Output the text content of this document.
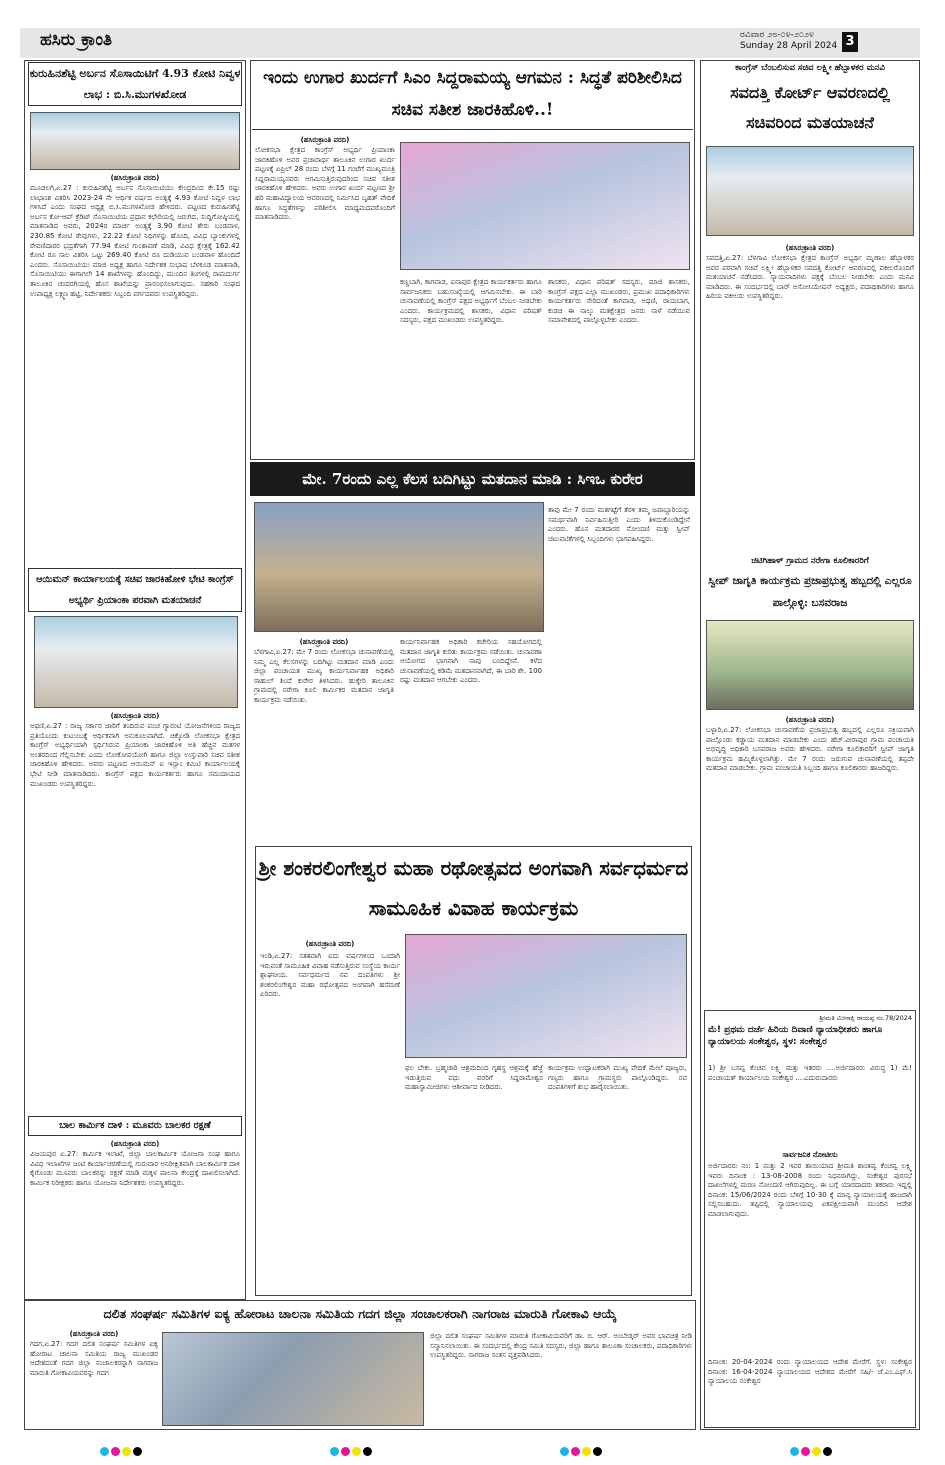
ಹಸಿರು ಕ್ರಾಂತಿ	ರವಿವಾರ ೨೮-೦೪-೨೦೨೪
Sunday 28 April 2024 3
ಕುರುಹಿನಶೆಟ್ಟಿ ಅರ್ಬನ ಸೊಸಾಯಿಟಿಗೆ 4.93 ಕೋಟಿ ನಿವ್ವಳ ಲಾಭ : ಬಿ.ಸಿ.ಮುಗಳಖೋಡ
(ಹಸಿರುಕ್ರಾಂತಿ ವರದಿ)
ಮೂಡಲಗಿ,ಏ.27 : ಕುರುಹಿನಶೆಟ್ಟಿ ಅರ್ಬನ ಸೊಸಾಯಿಟಿಯು ಕೇಂದ್ರದಿಂದ ಕೇ.15 ರಷ್ಟು ಲಾಭಾಂಶ ವಿತರಿಸಿ 2023-24 ನೇ ಆರ್ಥಿಕ ವರ್ಷದ ಅಂತ್ಯಕ್ಕೆ 4.93 ಕೋಟಿ ನಿವ್ವಳ ಲಾಭ ಗಳಿಸಿದೆ ಎಂದು ಸಂಘದ ಅಧ್ಯಕ್ಷ ಬಿ.ಸಿ.ಮುಗಳಖೋಡ ಹೇಳಿದರು. ಪಟ್ಟಣದ ಕುರುಹಿನಶೆಟ್ಟಿ ಅರ್ಬನ ಕೋ-ಆಪ್ ಕ್ರೆಡಿಟ್ ಸೊಸಾಯಿಟಿಯ ಪ್ರಧಾನ ಕಛೇರಿಯಲ್ಲಿ ಜರುಗಿದ, ಸುದ್ದಿಗೋಷ್ಠಿಯಲ್ಲಿ ಮಾತನಾಡಿದ ಅವರು, 2024ರ ಮಾರ್ಚ ಅಂತ್ಯಕ್ಕೆ 3.90 ಕೋಟಿ ಶೇರು ಬಂಡವಾಳ, 230.85 ಕೋಟಿ ಠೇವುಗಳು, 22.22 ಕೋಟಿ ನಿಧಿಗಳನ್ನು ಹೊಂದಿ, ವಿವಿಧ ಬ್ಯಾಂಕುಗಳಲ್ಲಿ ಠೇವಣಿದಾರರ ಭದ್ರತೆಗಾಗಿ 77.94 ಕೋಟಿ ಗುಂತಾವಣೆ ಮಾಡಿ, ವಿವಿಧ ಕ್ಷೇತ್ರಕ್ಕೆ 162.42 ಕೋಟಿ ರೂ ಸಾಲ ವಿತರಿಸಿ ಒಟ್ಟು 269.40 ಕೋಟಿ ರೂ ದುಡಿಯುವ ಬಂಡವಾಳ ಹೊಂದಿದೆ ಎಂದರು. ಸೊಸಾಯಿಟಿಯು ಮಾಜಿ ಅಧ್ಯಕ್ಷ ಹಾಗೂ ನಿರ್ದೇಶಕ ಸುಭಾಷ ಬೆಳಕೂಡ ಮಾತನಾಡಿ, ಸೊಸಾಯಿಟಿಯು ಈಗಾಗಲೇ 14 ಶಾಖೆಗಳನ್ನು ಹೊಂದಿದ್ದು, ಮುಂದಿನ ತಿಂಗಳಲ್ಲಿ ರಾಮದುರ್ಗ ತಾಲೂಕಿನ ಚಂದರಗಿಯಲ್ಲಿ ಹೊಸ ಶಾಖೆಯನ್ನು ಪ್ರಾರಂಭಿಸಲಾಗುವುದು. ಸಹಕಾರಿ ಸಂಘದ ಉಪಾಧ್ಯಕ್ಷ ಲಕ್ಷ್ಮಣ ಹಟ್ಟಿ, ನಿರ್ದೇಶಕರು ಸಿಬ್ಬಂದಿ ವರ್ಗದವರು ಉಪಸ್ಥಿತರಿದ್ದರು.
ಆಯಿಮನ್ ಕಾರ್ಯಾಲಯಕ್ಕೆ ಸಚಿವ ಜಾರಕಿಹೋಳಿ ಭೇಟಿ ಕಾಂಗ್ರೆಸ್ ಅಭ್ಯರ್ಥಿ ಪ್ರಿಯಾಂಕಾ ಪರವಾಗಿ ಮತಯಾಚನೆ
(ಹಸಿರುಕ್ರಾಂತಿ ವರದಿ)
ಅಥಣಿ,ಏ.27 : ರಾಜ್ಯ ಸರ್ಕಾರ ಜಾರಿಗೆ ತಂದಿರುವ ಪಂಚ ಗ್ಯಾರಂಟಿ ಯೋಜನೆಗಳಿಂದ ರಾಜ್ಯದ ಪ್ರತಿಯೊಂದು ಕುಟುಂಬಕ್ಕೆ ಆರ್ಥಿಕವಾಗಿ ಅನುಕೂಲವಾಗಿದೆ. ಚಿಕ್ಕೋಡಿ ಲೋಕಸಭಾ ಕ್ಷೇತ್ರದ ಕಾಂಗ್ರೆಸ್ ಅಭ್ಯರ್ಥಿಯಾಗಿ ಸ್ಪರ್ಧಿಸಿರುವ ಪ್ರಿಯಾಂಕಾ ಜಾರಕಿಹೊಳಿ ಅತಿ ಹೆಚ್ಚಿನ ಮತಗಳ ಅಂತರದಿಂದ ಗೆಲ್ಲಿಸಬೇಕು ಎಂದು ಲೋಕೋಪಯೋಗಿ ಹಾಗೂ ಜಿಲ್ಲಾ ಉಸ್ತುವಾರಿ ಸಚಿವ ಸತೀಶ ಜಾರಕಿಹೊಳಿ ಹೇಳಿದರು. ಅವರು ಪಟ್ಟಣದ ಆಯಿಮನ್ ಐ ಇಸ್ಲಾಂ ಕಮಿಟಿ ಕಾರ್ಯಾಲಯಕ್ಕೆ ಭೇಟಿ ನೀಡಿ ಮಾತನಾಡಿದರು. ಕಾಂಗ್ರೆಸ್ ಪಕ್ಷದ ಕಾರ್ಯಕರ್ತರು ಹಾಗೂ ಸಮುದಾಯದ ಮುಖಂಡರು ಉಪಸ್ಥಿತರಿದ್ದರು.
ಬಾಲ ಕಾರ್ಮಿಕ ದಾಳಿ : ಮೂವರು ಬಾಲಕರ ರಕ್ಷಣೆ
(ಹಸಿರುಕ್ರಾಂತಿ ವರದಿ)
ವಿಜಯಪುರ ಏ.27: ಕಾರ್ಮಿಕ ಇಲಾಖೆ, ಜಿಲ್ಲಾ ಬಾಲಕಾರ್ಮಿಕ ಯೋಜನಾ ಸಂಘ ಹಾಗೂ ವಿವಿಧ ಇಲಾಖೆಗಳ ಜಂಟಿ ಕಾರ್ಯಾಚರಣೆಯಲ್ಲಿ ಗುರುವಾರ ಅನಿರೀಕ್ಷಿತವಾಗಿ ಬಾಲಕಾರ್ಮಿಕ ದಾಳಿ ಕೈಗೊಂಡು ಮೂವರು ಬಾಲಕರನ್ನು ರಕ್ಷಣೆ ಮಾಡಿ ಮಕ್ಕಳ ಪಾಲನಾ ಕೇಂದ್ರಕ್ಕೆ ದಾಖಲಿಸಲಾಗಿದೆ. ಕಾರ್ಮಿಕ ನಿರೀಕ್ಷಕರು ಹಾಗೂ ಯೋಜನಾ ನಿರ್ದೇಶಕರು ಉಪಸ್ಥಿತರಿದ್ದರು.
ಇಂದು ಉಗಾರ ಖುರ್ದಗೆ ಸಿಎಂ ಸಿದ್ದರಾಮಯ್ಯ ಆಗಮನ : ಸಿದ್ಧತೆ ಪರಿಶೀಲಿಸಿದ ಸಚಿವ ಸತೀಶ ಜಾರಕಿಹೊಳಿ..!
(ಹಸಿರುಕ್ರಾಂತಿ ವರದಿ)
ಲೋಕಸಭಾ ಕ್ಷೇತ್ರದ ಕಾಂಗ್ರೆಸ್ ಅಭ್ಯರ್ಥಿ ಪ್ರಿಯಾಂಕಾ ಜಾರಕಿಹೊಳಿ ಅವರ ಪ್ರಚಾರಾರ್ಥ ತಾಲೂಕಿನ ಉಗಾರ ಖುರ್ದ ಪಟ್ಟಣಕ್ಕೆ ಏಪ್ರಿಲ್ 28 ರಂದು ಬೆಳಗ್ಗೆ 11 ಗಂಟೆಗೆ ಮುಖ್ಯಮಂತ್ರಿ ಸಿದ್ದರಾಮಯ್ಯನವರು ಆಗಮಿಸುತ್ತಿರುವುದರಿಂದ ಸಚಿವ ಸತೀಶ ಜಾರಕಿಹೊಳಿ ಹೇಳಿದರು. ಅವರು ಉಗಾರ ಖುರ್ದ ಪಟ್ಟಣದ ಶ್ರೀ ಹರಿ ಮಹಾವಿದ್ಯಾಲಯ ಆವರಣದಲ್ಲಿ ನಿರ್ಮಿಸಿದ ಬೃಹತ್ ವೇದಿಕೆ ಹಾಗೂ ಸಿದ್ಧತೆಗಳನ್ನು ಪರಿಶೀಲಿಸಿ ಮಾಧ್ಯಮದವರೊಂದಿಗೆ ಮಾತನಾಡಿದರು.
ಕಣ್ಣಬಾಗಿ, ಕಾಗವಾಡ, ಐನಾಪುರ ಕ್ಷೇತ್ರದ ಕಾರ್ಯಕರ್ತರು ಹಾಗೂ ಸಾರ್ವಜನಿಕರು ಬಹುಸಂಖ್ಯೆಯಲ್ಲಿ ಆಗಮಿಸಬೇಕು. ಈ ಬಾರಿ ಚುನಾವಣೆಯಲ್ಲಿ ಕಾಂಗ್ರೆಸ್ ಪಕ್ಷದ ಅಭ್ಯರ್ಥಿಗೆ ಬೆಂಬಲ ನೀಡಬೇಕು ಎಂದರು. ಕಾರ್ಯಕ್ರಮದಲ್ಲಿ ಶಾಸಕರು, ವಿಧಾನ ಪರಿಷತ್ ಸದಸ್ಯರು, ಪಕ್ಷದ ಮುಖಂಡರು ಉಪಸ್ಥಿತರಿದ್ದರು.
ಶಾಸಕರು, ವಿಧಾನ ಪರಿಷತ್ ಸದಸ್ಯರು, ಮಾಜಿ ಶಾಸಕರು, ಕಾಂಗ್ರೆಸ್ ಪಕ್ಷದ ಎಲ್ಲಾ ಮುಖಂಡರು, ಪ್ರಮುಖ ಪದಾಧಿಕಾರಿಗಳು ಕಾರ್ಯಕರ್ತರು ಸೇರಿದಂತೆ ಕಾಗವಾಡ, ಅಥಣಿ, ರಾಯಬಾಗ, ಕುಡಚಿ ಈ ನಾಲ್ಕು ಮತಕ್ಷೇತ್ರದ ಜನರು ನಾಳೆ ನಡೆಯುವ ಸಮಾವೇಶದಲ್ಲಿ ಪಾಲ್ಗೊಳ್ಳಬೇಕು ಎಂದರು.
ಮೇ. 7ರಂದು ಎಲ್ಲ ಕೆಲಸ ಬದಿಗಿಟ್ಟು ಮತದಾನ ಮಾಡಿ : ಸಿಇಒ ಕುರೇರ
(ಹಸಿರುಕ್ರಾಂತಿ ವರದಿ)
ಬೆಳಗಾವಿ,ಏ.27: ಮೇ 7 ರಂದು ಲೋಕಸಭಾ ಚುನಾವಣೆಯಲ್ಲಿ ನಿಮ್ಮ ಎಲ್ಲ ಕೆಲಸಗಳನ್ನು ಬದಿಗಿಟ್ಟು ಮತದಾನ ಮಾಡಿ ಎಂದು ಜಿಲ್ಲಾ ಪಂಚಾಯತ ಮುಖ್ಯ ಕಾರ್ಯನಿರ್ವಾಹಕ ಅಧಿಕಾರಿ ರಾಹುಲ್ ಶಿಂದೆ ಕುರೇರ ತಿಳಿಸಿದರು. ಹುಕ್ಕೇರಿ ತಾಲೂಕಿನ ಗ್ರಾಮದಲ್ಲಿ ನರೇಗಾ ಕೂಲಿ ಕಾರ್ಮಿಕರ ಮತದಾನ ಜಾಗೃತಿ ಕಾರ್ಯಕ್ರಮ ನಡೆಯಿತು.
ಕಾರ್ಯನಿರ್ವಾಹಕ ಅಧಿಕಾರಿ ಕಚೇರಿಯ ಸಹಯೋಗದಲ್ಲಿ ಮತದಾನ ಜಾಗೃತಿ ಕುರಿತು ಕಾರ್ಯಕ್ರಮ ನಡೆಯಿತು. ಚುನಾವಣಾ ಆಯೋಗದ ಭಾಗವಾಗಿ ನಾವು ಬಂದಿದ್ದೇವೆ. ಕಳೆದ ಚುನಾವಣೆಯಲ್ಲಿ ಕಡಿಮೆ ಮತದಾನವಾಗಿದೆ, ಈ ಬಾರಿ ಶೇ. 100 ರಷ್ಟು ಮತದಾನ ಆಗಬೇಕು ಎಂದರು.
ತಾವು ಮೇ 7 ರಂದು ಮತಗಟ್ಟೆಗೆ ತೆರಳಿ ತಮ್ಮ ಜವಾಬ್ದಾರಿಯನ್ನು ಸಮರ್ಥವಾಗಿ ನಿರ್ವಹಿಸುತ್ತೀರಿ ಎಂದು ತಿಳಿದುಕೊಂಡಿದ್ದೇನೆ ಎಂದರು. ಹೊಸ ಮತದಾರರ ನೋಂದಣಿ ಮತ್ತು ಸ್ವೀಪ್ ಚಟುವಟಿಕೆಗಳಲ್ಲಿ ಸಿಬ್ಬಂದಿಗಳು ಭಾಗವಹಿಸಿದ್ದರು.
ಶ್ರೀ ಶಂಕರಲಿಂಗೇಶ್ವರ ಮಹಾ ರಥೋತ್ಸವದ ಅಂಗವಾಗಿ ಸರ್ವಧರ್ಮದ ಸಾಮೂಹಿಕ ವಿವಾಹ ಕಾರ್ಯಕ್ರಮ
(ಹಸಿರುಕ್ರಾಂತಿ ವರದಿ)
ಇಂಡಿ,ಏ.27: ಸತತವಾಗಿ ಐದು ವರ್ಷಗಳಿಂದ ಒಂದಾಗಿ ಇರುವಂತೆ ಸಾಮೂಹಿಕ ವಿವಾಹ ನಡೆಸುತ್ತಿರುವ ಸಂಸ್ಥೆಯ ಕಾರ್ಯ ಶ್ಲಾಘನೀಯ. ಸರ್ವಧರ್ಮದ ನವ ದಂಪತಿಗಳು ಶ್ರೀ ಶಂಕರಲಿಂಗೇಶ್ವರ ಮಹಾ ರಥೋತ್ಸವದ ಅಂಗವಾಗಿ ಹಸೆಮಣೆ ಏರಿದರು.
ಫಲ ಬೇಕು. ಬ್ರಹ್ಮಚಾರಿ ಆಶ್ರಮದಿಂದ ಗೃಹಸ್ಥ ಆಶ್ರಮಕ್ಕೆ ಹೆಜ್ಜೆ ಇಡುತ್ತಿರುವ ವಧು ವರರಿಗೆ ಸಿದ್ದರಾಮೇಶ್ವರ ಮಹಾಸ್ವಾಮೀಜಿಗಳು ಆಶೀರ್ವಾದ ನೀಡಿದರು.
ಕಾರ್ಯಕ್ರಮ ಉದ್ಘಾಟಕರಾಗಿ ಮುಖ್ಯ ವೇದಿಕೆ ಮೇಲೆ ಪೂಜ್ಯರು, ಗಣ್ಯರು ಹಾಗೂ ಗ್ರಾಮಸ್ಥರು ಪಾಲ್ಗೊಂಡಿದ್ದರು. ನವ ದಂಪತಿಗಳಿಗೆ ಶುಭ ಹಾರೈಸಲಾಯಿತು.
ಕಾಂಗ್ರೆಸ್ ಬೆಂಬಲಿಸುವ ಸಚಿವ ಲಕ್ಷ್ಮೀ ಹೆಬ್ಬಾಳಕರ ಮನವಿ
ಸವದತ್ತಿ ಕೋರ್ಟ್ ಆವರಣದಲ್ಲಿ ಸಚಿವರಿಂದ ಮತಯಾಚನೆ
(ಹಸಿರುಕ್ರಾಂತಿ ವರದಿ)
ಸವದತ್ತಿ,ಏ.27: ಬೆಳಗಾವಿ ಲೋಕಸಭಾ ಕ್ಷೇತ್ರದ ಕಾಂಗ್ರೆಸ್ ಅಭ್ಯರ್ಥಿ ಮೃಣಾಲ ಹೆಬ್ಬಾಳಕರ ಅವರ ಪರವಾಗಿ ಸಚಿವೆ ಲಕ್ಷ್ಮೀ ಹೆಬ್ಬಾಳಕರ ಸವದತ್ತಿ ಕೋರ್ಟ್ ಆವರಣದಲ್ಲಿ ವಕೀಲರೊಂದಿಗೆ ಮತಯಾಚನೆ ನಡೆಸಿದರು. ನ್ಯಾಯವಾದಿಗಳು ಪಕ್ಷಕ್ಕೆ ಬೆಂಬಲ ನೀಡಬೇಕು ಎಂದು ಮನವಿ ಮಾಡಿದರು. ಈ ಸಂದರ್ಭದಲ್ಲಿ ಬಾರ್ ಅಸೋಸಿಯೇಷನ್ ಅಧ್ಯಕ್ಷರು, ಪದಾಧಿಕಾರಿಗಳು ಹಾಗೂ ಹಿರಿಯ ವಕೀಲರು ಉಪಸ್ಥಿತರಿದ್ದರು.
ಚಿಟಿಗಿಹಾಳ್ ಗ್ರಾಮದ ನರೇಗಾ ಕೂಲಿಕಾರರಿಗೆ
ಸ್ವೀಪ್ ಜಾಗೃತಿ ಕಾರ್ಯಕ್ರಮ ಪ್ರಜಾಪ್ರಭುತ್ವ ಹಬ್ಬದಲ್ಲಿ ಎಲ್ಲರೂ ಪಾಲ್ಗೊಳ್ಳಿ: ಬಸವರಾಜ
(ಹಸಿರುಕ್ರಾಂತಿ ವರದಿ)
ಬಳ್ಳಾರಿ,ಏ.27: ಲೋಕಸಭಾ ಚುನಾವಣೆಯ ಪ್ರಜಾಪ್ರಭುತ್ವ ಹಬ್ಬದಲ್ಲಿ ಎಲ್ಲರೂ ಸಕ್ರಿಯವಾಗಿ ಪಾಲ್ಗೊಂಡು ಕಡ್ಡಾಯ ಮತದಾನ ಮಾಡಬೇಕು ಎಂದು ಹೆಚ್.ವೀರಾಪುರ ಗ್ರಾಮ ಪಂಚಾಯತಿ ಅಭಿವೃದ್ಧಿ ಅಧಿಕಾರಿ ಬಸವರಾಜ ಅವರು ಹೇಳಿದರು. ನರೇಗಾ ಕೂಲಿಕಾರರಿಗೆ ಸ್ವೀಪ್ ಜಾಗೃತಿ ಕಾರ್ಯಕ್ರಮ ಹಮ್ಮಿಕೊಳ್ಳಲಾಗಿತ್ತು. ಮೇ 7 ರಂದು ಜರುಗುವ ಚುನಾವಣೆಯಲ್ಲಿ ತಪ್ಪದೇ ಮತದಾನ ಮಾಡಬೇಕು. ಗ್ರಾಮ ಪಂಚಾಯತಿ ಸಿಬ್ಬಂದಿ ಹಾಗೂ ಕೂಲಿಕಾರರು ಹಾಜರಿದ್ದರು.
ಶ್ರೀಮತಿ ಮೀನಾಕ್ಷಿ ರಾಯಪ್ಪ ನಂ.78/2024
ಮೆ! ಪ್ರಥಮ ದರ್ಜೆ ಹಿರಿಯ ದಿವಾಣಿ ನ್ಯಾಯಾಧೀಶರು ಹಾಗೂ ನ್ಯಾಯಾಲಯ ಸಂಕೇಶ್ವರ, ಸ್ಥಳ: ಸಂಕೇಶ್ವರ
1) ಶ್ರೀ ಬಸವ್ವ ಕೆಂಚವ ಲಕ್ಷ್ಮಿ ಮತ್ತು ಇತರರು ....ಅರ್ಜಿದಾರರು ವಿರುದ್ಧ 1) ಮೆ! ಪಂಚಾಯತ್ ಕಾರ್ಯಾಲಯ ಸಂಕೇಶ್ವರ ....ಎದುರುದಾರರು
ಸಾರ್ವಜನಿಕ ನೋಟೀಸು
ಅರ್ಜಿದಾರರು ನಂ: 1 ಮತ್ತು 2 ಇವರ ತಾಯಿಯಾದ ಶ್ರೀಮತಿ ಶಾಂತವ್ವ ಕೆಂಚವ್ವ ಲಕ್ಷ್ಮಿ ಇವರು ದಿನಾಂಕ : 13-08-2008 ರಂದು ನಿಧನರಾಗಿದ್ದು, ಸಂಕೇಶ್ವರ ಪುರಸಭೆ ದಾಖಲೆಗಳಲ್ಲಿ ಮರಣ ನೋಂದಣಿ ಆಗಿರುವುದಿಲ್ಲ. ಈ ಬಗ್ಗೆ ಯಾರದಾದರು ತಕರಾರು ಇದ್ದಲ್ಲಿ ದಿನಾಂಕ: 15/06/2024 ರಂದು ಬೆಳಿಗ್ಗೆ 10-30 ಕ್ಕೆ ಮಾನ್ಯ ನ್ಯಾಯಾಲಯಕ್ಕೆ ಹಾಜರಾಗಿ ಸಲ್ಲಿಸಬಹುದು. ತಪ್ಪಿದಲ್ಲಿ ನ್ಯಾಯಾಲಯವು ಏಕಪಕ್ಷೀಯವಾಗಿ ಮುಂದಿನ ಆದೇಶ ಮಾಡಲಾಗುವುದು.
ದಿನಾಂಕ: 20-04-2024 ರಂದು ನ್ಯಾಯಾಲಯದ ಆದೇಶ ಮೇರೆಗೆ. ಸ್ಥಳ: ಸಂಕೇಶ್ವರ ದಿನಾಂಕ: 16-04-2024 ನ್ಯಾಯಾಲಯದ ಆದೇಶದ ಮೇರೆಗೆ ಸಹಿ/- ಜೆ.ಎಂ.ಎಫ್.ಸಿ ನ್ಯಾಯಾಲಯ ಸಂಕೇಶ್ವರ
ದಲಿತ ಸಂಘರ್ಷ ಸಮಿತಿಗಳ ಐಕ್ಯ ಹೋರಾಟ ಚಾಲನಾ ಸಮಿತಿಯ ಗದಗ ಜಿಲ್ಲಾ ಸಂಚಾಲಕರಾಗಿ ನಾಗರಾಜ ಮಾರುತಿ ಗೋಕಾವಿ ಆಯ್ಕೆ
(ಹಸಿರುಕ್ರಾಂತಿ ವರದಿ)
ಗದಗ,ಏ.27: ಗದಗ ದಲಿತ ಸಂಘರ್ಷ ಸಮಿತಿಗಳ ಐಕ್ಯ ಹೋರಾಟ ಚಾಲನಾ ಸಮಿತಿಯ ರಾಜ್ಯ ಮುಖಂಡರ ಆದೇಶದಂತೆ ಗದಗ ಜಿಲ್ಲಾ ಸಂಚಾಲಕರನ್ನಾಗಿ ನಾಗರಾಜ ಮಾರುತಿ ಗೋಕಾವಿಯವರನ್ನು ಗದಗ
ಜಿಲ್ಲಾ ದಲಿತ ಸಂಘರ್ಷ ಸಮಿತಿಗಳ ಮಾರುತಿ ಗೋಕಾವಿಯವರಿಗೆ ಡಾ. ಬಿ. ಆರ್. ಅಂಬೇಡ್ಕರ್ ಅವರ ಭಾವಚಿತ್ರ ನೀಡಿ ಸನ್ಮಾನಿಸಲಾಯಿತು. ಈ ಸಂದರ್ಭದಲ್ಲಿ ಕೇಂದ್ರ ಸಮಿತಿ ಸದಸ್ಯರು, ಜಿಲ್ಲಾ ಹಾಗೂ ತಾಲೂಕಾ ಸಂಚಾಲಕರು, ಪದಾಧಿಕಾರಿಗಳು ಉಪಸ್ಥಿತರಿದ್ದರು. ನಾಗರಾಜ ಸಂತಸ ವ್ಯಕ್ತಪಡಿಸಿದರು.
